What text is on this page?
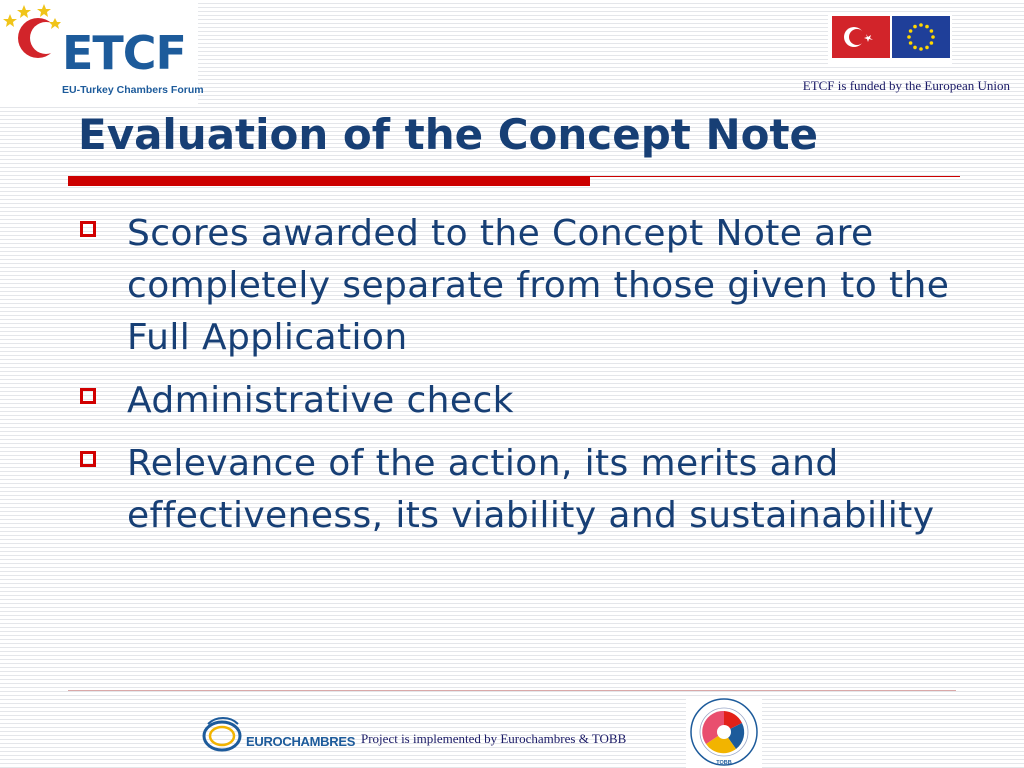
ETCF
EU-Turkey Chambers Forum	ETCF is funded by the European Union
Evaluation of the Concept Note
Scores awarded to the Concept Note are completely separate from those given to the Full Application
Administrative check
Relevance of the action, its merits and effectiveness, its viability and sustainability
EUROCHAMBRES Project is implemented by Eurochambres & TOBB
TOBB
